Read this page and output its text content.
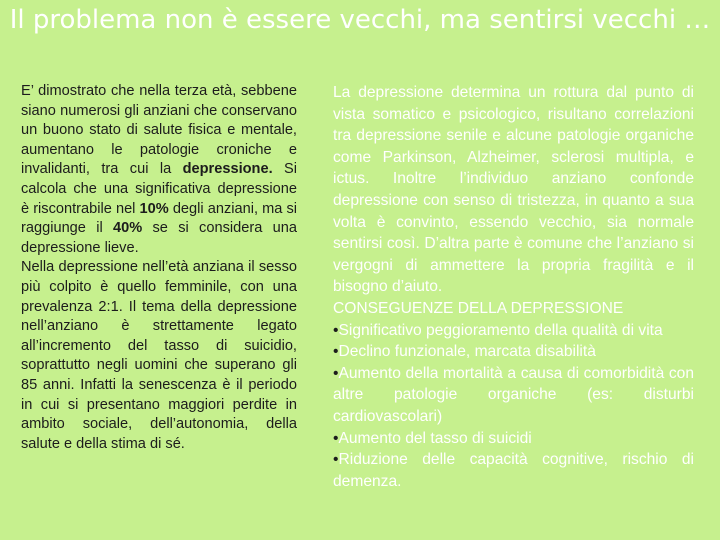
Il problema non è essere vecchi, ma sentirsi vecchi …

E’ dimostrato che nella terza età, sebbene siano numerosi gli anziani che conservano un buono stato di salute fisica e mentale, aumentano le patologie croniche e invalidanti, tra cui la depressione. Si calcola che una significativa depressione è riscontrabile nel 10% degli anziani, ma si raggiunge il 40% se si considera una depressione lieve.

Nella depressione nell’età anziana il sesso più colpito è quello femminile, con una prevalenza 2:1. Il tema della depressione nell’anziano è strettamente legato all’incremento del tasso di suicidio, soprattutto negli uomini che superano gli 85 anni. Infatti la senescenza è il periodo in cui si presentano maggiori perdite in ambito sociale, dell’autonomia, della salute e della stima di sé.

La depressione determina un rottura dal punto di vista somatico e psicologico, risultano correlazioni tra depressione senile e alcune patologie organiche come Parkinson, Alzheimer, sclerosi multipla, e ictus. Inoltre l’individuo anziano confonde depressione con senso di tristezza, in quanto a sua volta è convinto, essendo vecchio, sia normale sentirsi così. D’altra parte è comune che l’anziano si vergogni di ammettere la propria fragilità e il bisogno d’aiuto.

CONSEGUENZE DELLA DEPRESSIONE

•Significativo peggioramento della qualità di vita

•Declino funzionale, marcata disabilità

•Aumento della mortalità a causa di comorbidità con altre patologie organiche (es: disturbi cardiovascolari)

•Aumento del tasso di suicidi

•Riduzione delle capacità cognitive, rischio di demenza.
